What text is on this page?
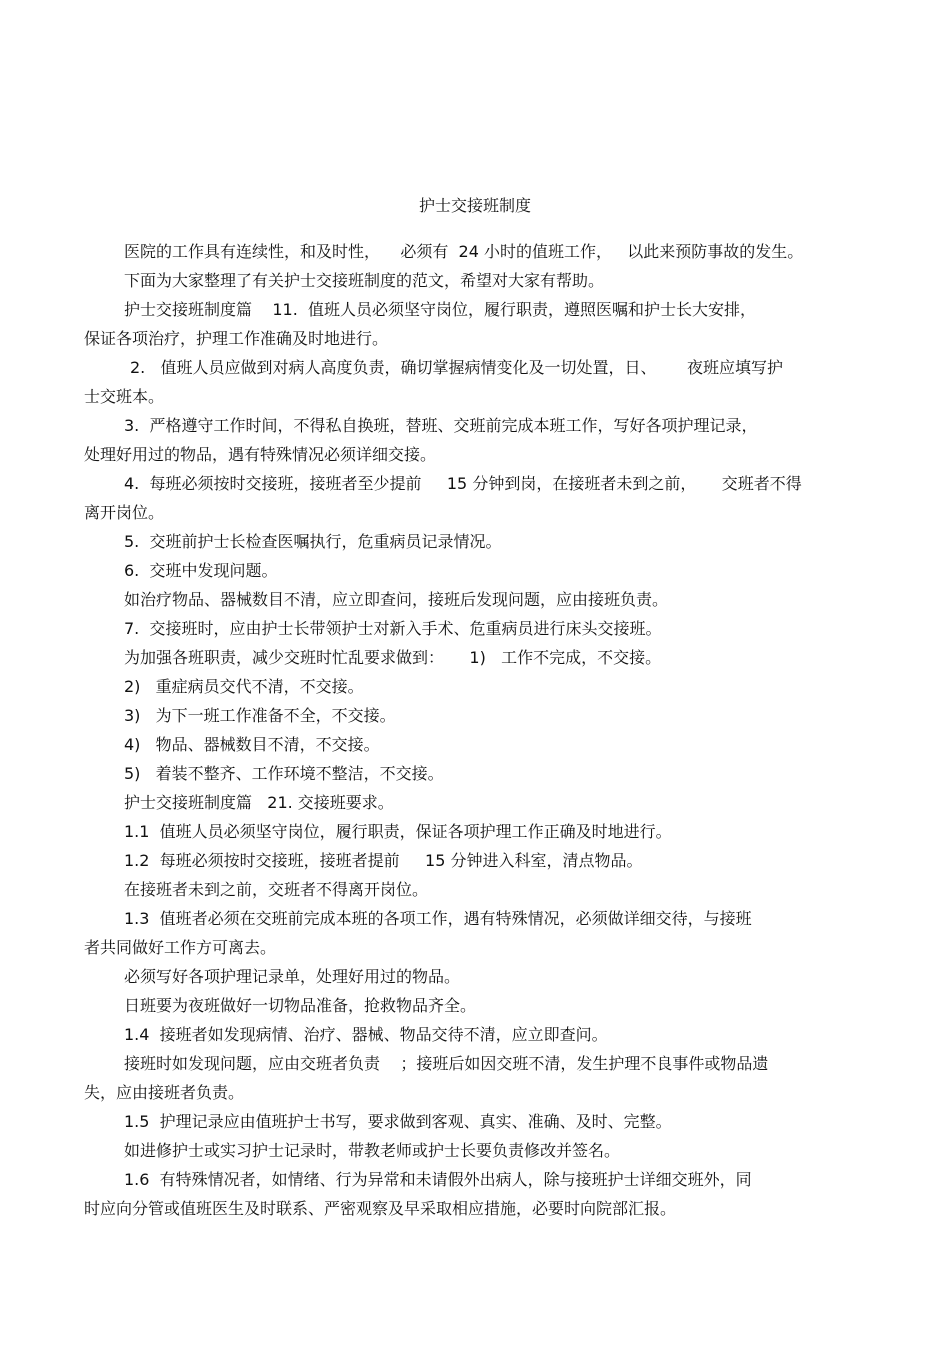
护士交接班制度
医院的工作具有连续性，和及时性，    必须有  24 小时的值班工作，   以此来预防事故的发生。
下面为大家整理了有关护士交接班制度的范文，希望对大家有帮助。
护士交接班制度篇    11.  值班人员必须坚守岗位，履行职责，遵照医嘱和护士长大安排，
保证各项治疗，护理工作准确及时地进行。
2.   值班人员应做到对病人高度负责，确切掌握病情变化及一切处置，日、      夜班应填写护
士交班本。
3.  严格遵守工作时间，不得私自换班，替班、交班前完成本班工作，写好各项护理记录，
处理好用过的物品，遇有特殊情况必须详细交接。
4.  每班必须按时交接班，接班者至少提前     15 分钟到岗，在接班者未到之前，     交班者不得
离开岗位。
5.  交班前护士长检查医嘱执行，危重病员记录情况。
6.  交班中发现问题。
如治疗物品、器械数目不清，应立即查问，接班后发现问题，应由接班负责。
7.  交接班时，应由护士长带领护士对新入手术、危重病员进行床头交接班。
为加强各班职责，减少交班时忙乱要求做到：     1)   工作不完成，不交接。
2)   重症病员交代不清，不交接。
3)   为下一班工作准备不全，不交接。
4)   物品、器械数目不清，不交接。
5)   着装不整齐、工作环境不整洁，不交接。
护士交接班制度篇   21. 交接班要求。
1.1  值班人员必须坚守岗位，履行职责，保证各项护理工作正确及时地进行。
1.2  每班必须按时交接班，接班者提前     15 分钟进入科室，清点物品。
在接班者未到之前，交班者不得离开岗位。
1.3  值班者必须在交班前完成本班的各项工作，遇有特殊情况，必须做详细交待，与接班
者共同做好工作方可离去。
必须写好各项护理记录单，处理好用过的物品。
日班要为夜班做好一切物品准备，抢救物品齐全。
1.4  接班者如发现病情、治疗、器械、物品交待不清，应立即查问。
接班时如发现问题，应由交班者负责    ；接班后如因交班不清，发生护理不良事件或物品遗
失，应由接班者负责。
1.5  护理记录应由值班护士书写，要求做到客观、真实、准确、及时、完整。
如进修护士或实习护士记录时，带教老师或护士长要负责修改并签名。
1.6  有特殊情况者，如情绪、行为异常和未请假外出病人，除与接班护士详细交班外，同
时应向分管或值班医生及时联系、严密观察及早采取相应措施，必要时向院部汇报。
